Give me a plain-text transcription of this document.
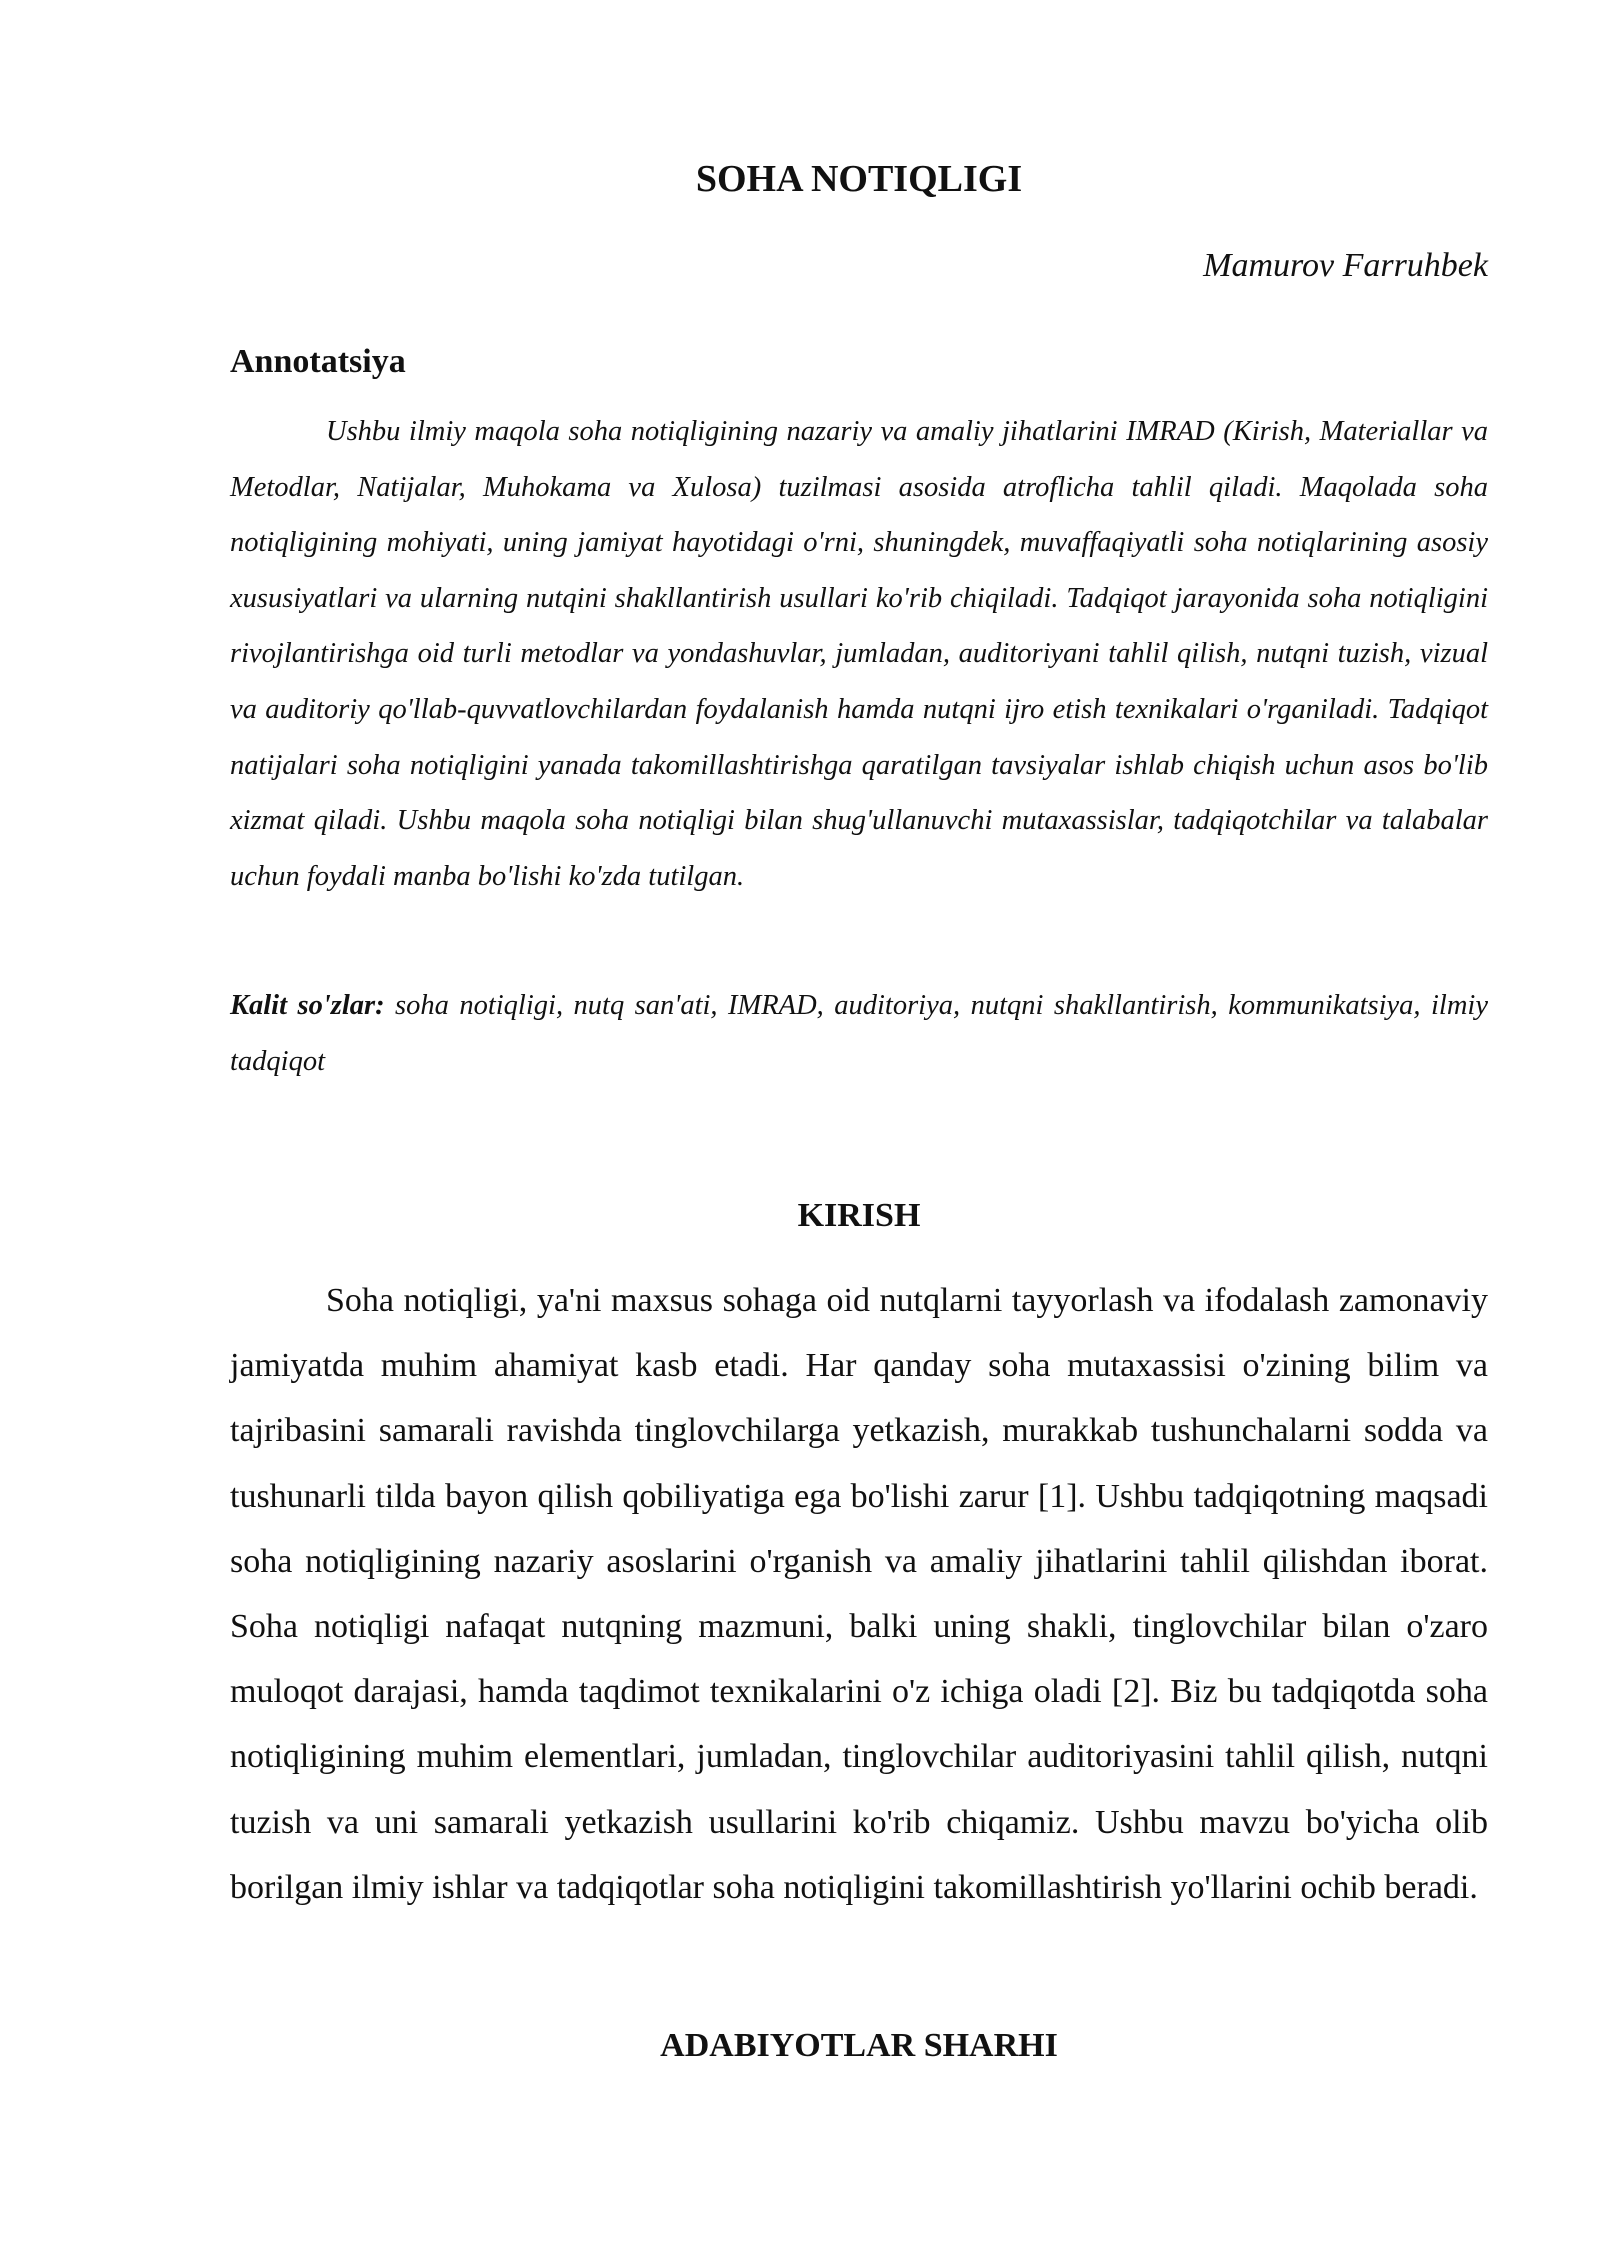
SOHA NOTIQLIGI

Mamurov Farruhbek

Annotatsiya

Ushbu ilmiy maqola soha notiqligining nazariy va amaliy jihatlarini IMRAD (Kirish, Materiallar va Metodlar, Natijalar, Muhokama va Xulosa) tuzilmasi asosida atroflicha tahlil qiladi. Maqolada soha notiqligining mohiyati, uning jamiyat hayotidagi o'rni, shuningdek, muvaffaqiyatli soha notiqlarining asosiy xususiyatlari va ularning nutqini shakllantirish usullari ko'rib chiqiladi. Tadqiqot jarayonida soha notiqligini rivojlantirishga oid turli metodlar va yondashuvlar, jumladan, auditoriyani tahlil qilish, nutqni tuzish, vizual va auditoriy qo'llab-quvvatlovchilardan foydalanish hamda nutqni ijro etish texnikalari o'rganiladi. Tadqiqot natijalari soha notiqligini yanada takomillashtirishga qaratilgan tavsiyalar ishlab chiqish uchun asos bo'lib xizmat qiladi. Ushbu maqola soha notiqligi bilan shug'ullanuvchi mutaxassislar, tadqiqotchilar va talabalar uchun foydali manba bo'lishi ko'zda tutilgan.

Kalit so'zlar: soha notiqligi, nutq san'ati, IMRAD, auditoriya, nutqni shakllantirish, kommunikatsiya, ilmiy tadqiqot

KIRISH

Soha notiqligi, ya'ni maxsus sohaga oid nutqlarni tayyorlash va ifodalash zamonaviy jamiyatda muhim ahamiyat kasb etadi. Har qanday soha mutaxassisi o'zining bilim va tajribasini samarali ravishda tinglovchilarga yetkazish, murakkab tushunchalarni sodda va tushunarli tilda bayon qilish qobiliyatiga ega bo'lishi zarur [1]. Ushbu tadqiqotning maqsadi soha notiqligining nazariy asoslarini o'rganish va amaliy jihatlarini tahlil qilishdan iborat. Soha notiqligi nafaqat nutqning mazmuni, balki uning shakli, tinglovchilar bilan o'zaro muloqot darajasi, hamda taqdimot texnikalarini o'z ichiga oladi [2]. Biz bu tadqiqotda soha notiqligining muhim elementlari, jumladan, tinglovchilar auditoriyasini tahlil qilish, nutqni tuzish va uni samarali yetkazish usullarini ko'rib chiqamiz. Ushbu mavzu bo'yicha olib borilgan ilmiy ishlar va tadqiqotlar soha notiqligini takomillashtirish yo'llarini ochib beradi.

ADABIYOTLAR SHARHI
